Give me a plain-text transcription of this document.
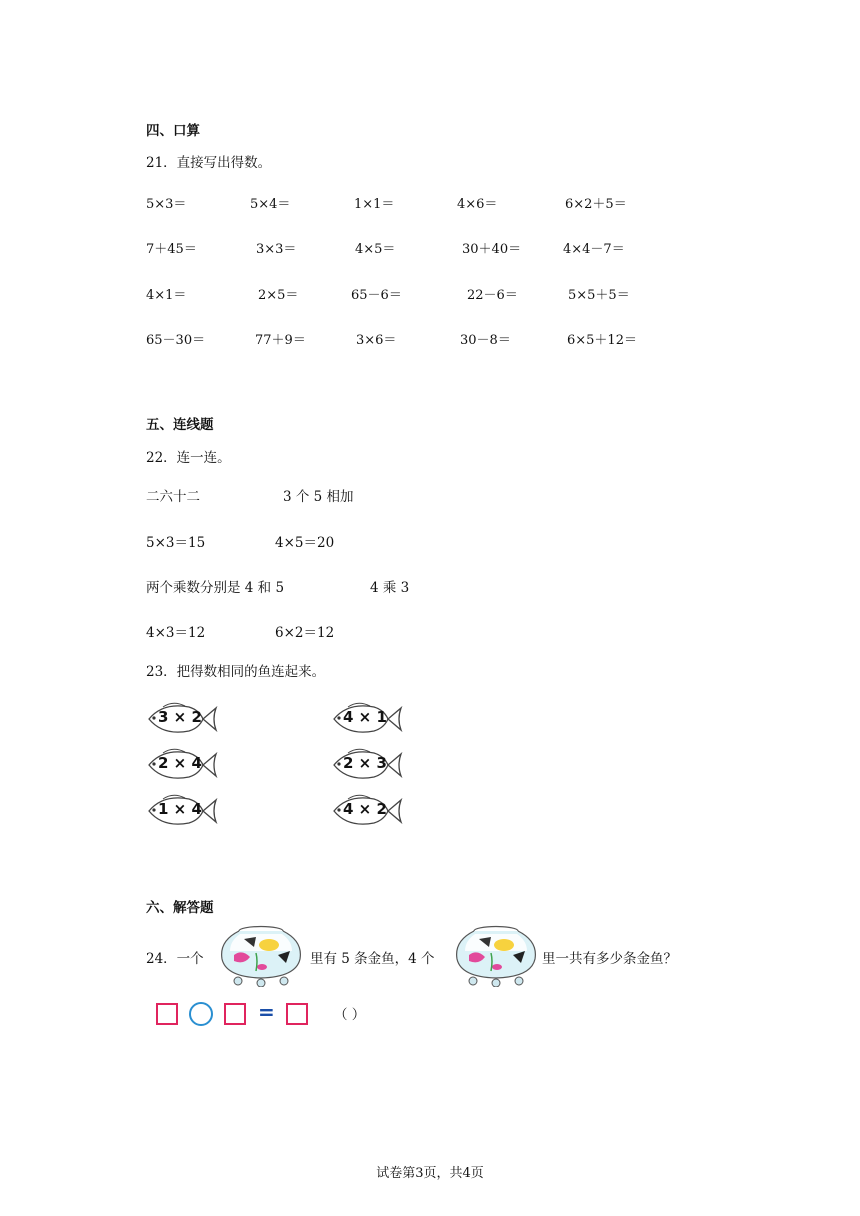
四、口算
21．直接写出得数。
5×3＝	5×4＝	1×1＝	4×6＝	6×2＋5＝
7＋45＝	3×3＝	4×5＝	30＋40＝	4×4－7＝
4×1＝	2×5＝	65－6＝	22－6＝	5×5＋5＝
65－30＝	77＋9＝	3×6＝	30－8＝	6×5＋12＝
五、连线题
22．连一连。
二六十二	3 个 5 相加
5×3＝15	4×5＝20
两个乘数分别是 4 和 5	4 乘 3
4×3＝12	6×2＝12
23．把得数相同的鱼连起来。
3 × 2
2 × 4
1 × 4
4 × 1
2 × 3
4 × 2
六、解答题
24．一个	里有 5 条金鱼，4 个	里一共有多少条金鱼？
=	（ ）
试卷第3页，共4页
